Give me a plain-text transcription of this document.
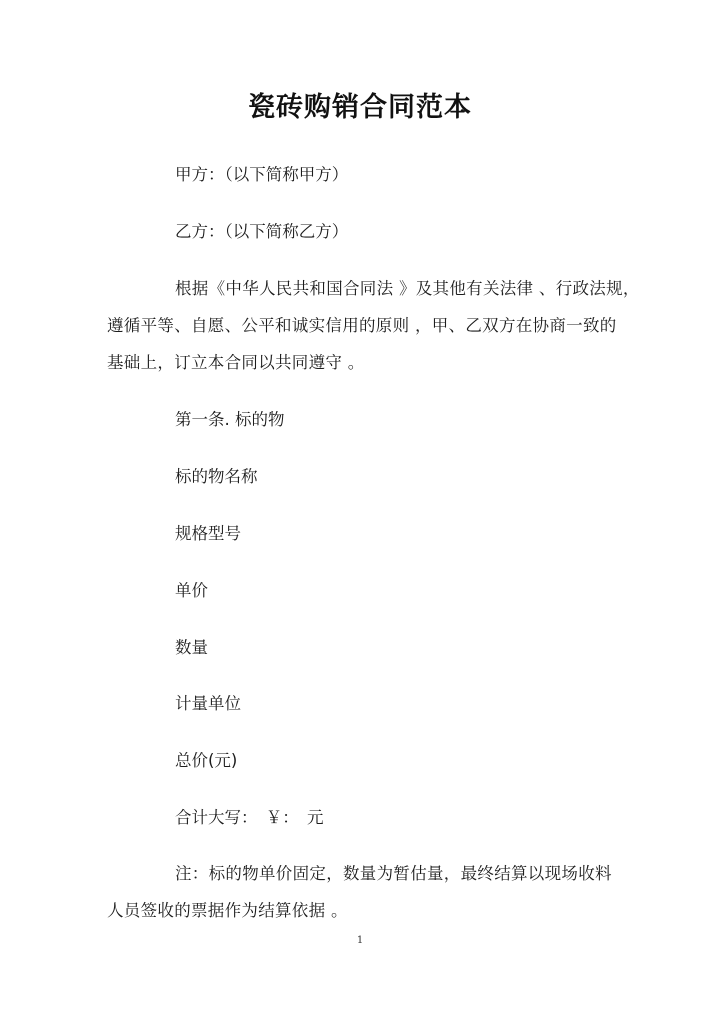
瓷砖购销合同范本
甲方：（以下简称甲方）
乙方：（以下简称乙方）
根据《中华人民共和国合同法 》及其他有关法律 、行政法规，
遵循平等、自愿、公平和诚实信用的原则 ，甲、乙双方在协商一致的
基础上，订立本合同以共同遵守 。
第一条. 标的物
标的物名称
规格型号
单价
数量
计量单位
总价(元)
合计大写：　￥：　元
注：标的物单价固定，数量为暂估量，最终结算以现场收料
人员签收的票据作为结算依据 。
1
